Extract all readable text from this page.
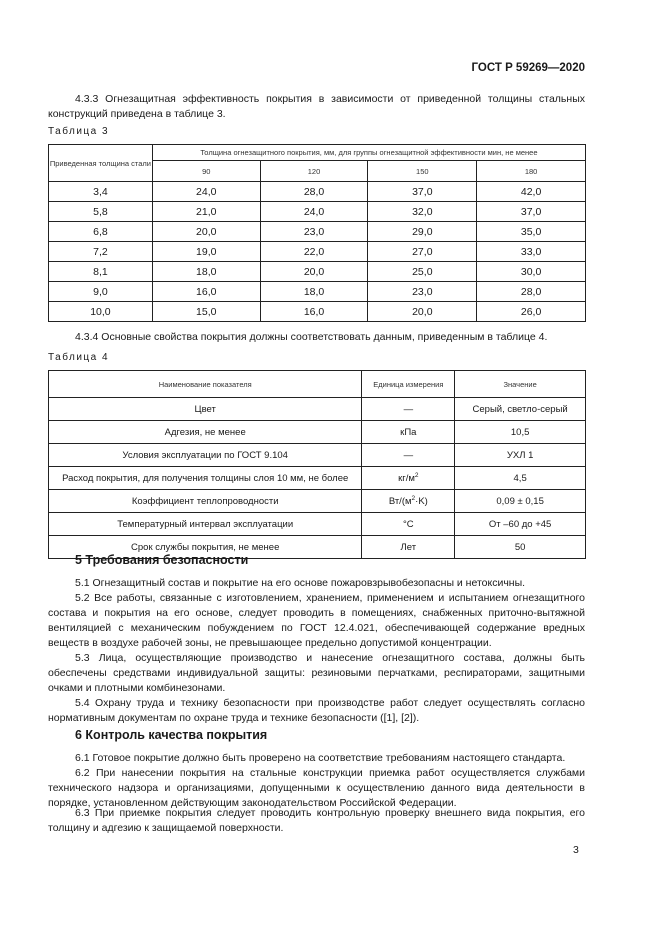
ГОСТ Р 59269—2020

4.3.3 Огнезащитная эффективность покрытия в зависимости от приведенной толщины стальных конструкций приведена в таблице 3.

Таблица 3
Приведенная толщина стали	Толщина огнезащитного покрытия, мм, для группы огнезащитной эффективности мин, не менее			
	90	120	150	180
3,4	24,0	28,0	37,0	42,0
5,8	21,0	24,0	32,0	37,0
6,8	20,0	23,0	29,0	35,0
7,2	19,0	22,0	27,0	33,0
8,1	18,0	20,0	25,0	30,0
9,0	16,0	18,0	23,0	28,0
10,0	15,0	16,0	20,0	26,0

4.3.4 Основные свойства покрытия должны соответствовать данным, приведенным в таблице 4.

Таблица 4
Наименование показателя	Единица измерения	Значение
Цвет	—	Серый, светло-серый
Адгезия, не менее	кПа	10,5
Условия эксплуатации по ГОСТ 9.104	—	УХЛ 1
Расход покрытия, для получения толщины слоя 10 мм, не более	$кг/м^2$	4,5
Коэффициент теплопроводности	$Вт/(м^2\cdot K)$	0,09 ± 0,15
Температурный интервал эксплуатации	°C	От –60 до +45
Срок службы покрытия, не менее	Лет	50
5 Требования безопасности

5.1 Огнезащитный состав и покрытие на его основе пожаровзрывобезопасны и нетоксичны.

5.2 Все работы, связанные с изготовлением, хранением, применением и испытанием огнезащитного состава и покрытия на его основе, следует проводить в помещениях, снабженных приточно-вытяжной вентиляцией с механическим побуждением по ГОСТ 12.4.021, обеспечивающей содержание вредных веществ в воздухе рабочей зоны, не превышающее предельно допустимой концентрации.

5.3 Лица, осуществляющие производство и нанесение огнезащитного состава, должны быть обеспечены средствами индивидуальной защиты: резиновыми перчатками, респираторами, защитными очками и плотными комбинезонами.

5.4 Охрану труда и технику безопасности при производстве работ следует осуществлять согласно нормативным документам по охране труда и технике безопасности ([1], [2]).

6 Контроль качества покрытия

6.1 Готовое покрытие должно быть проверено на соответствие требованиям настоящего стандарта.

6.2 При нанесении покрытия на стальные конструкции приемка работ осуществляется службами технического надзора и организациями, допущенными к осуществлению данного вида деятельности в порядке, установленном действующим законодательством Российской Федерации.

6.3 При приемке покрытия следует проводить контрольную проверку внешнего вида покрытия, его толщину и адгезию к защищаемой поверхности.

3
